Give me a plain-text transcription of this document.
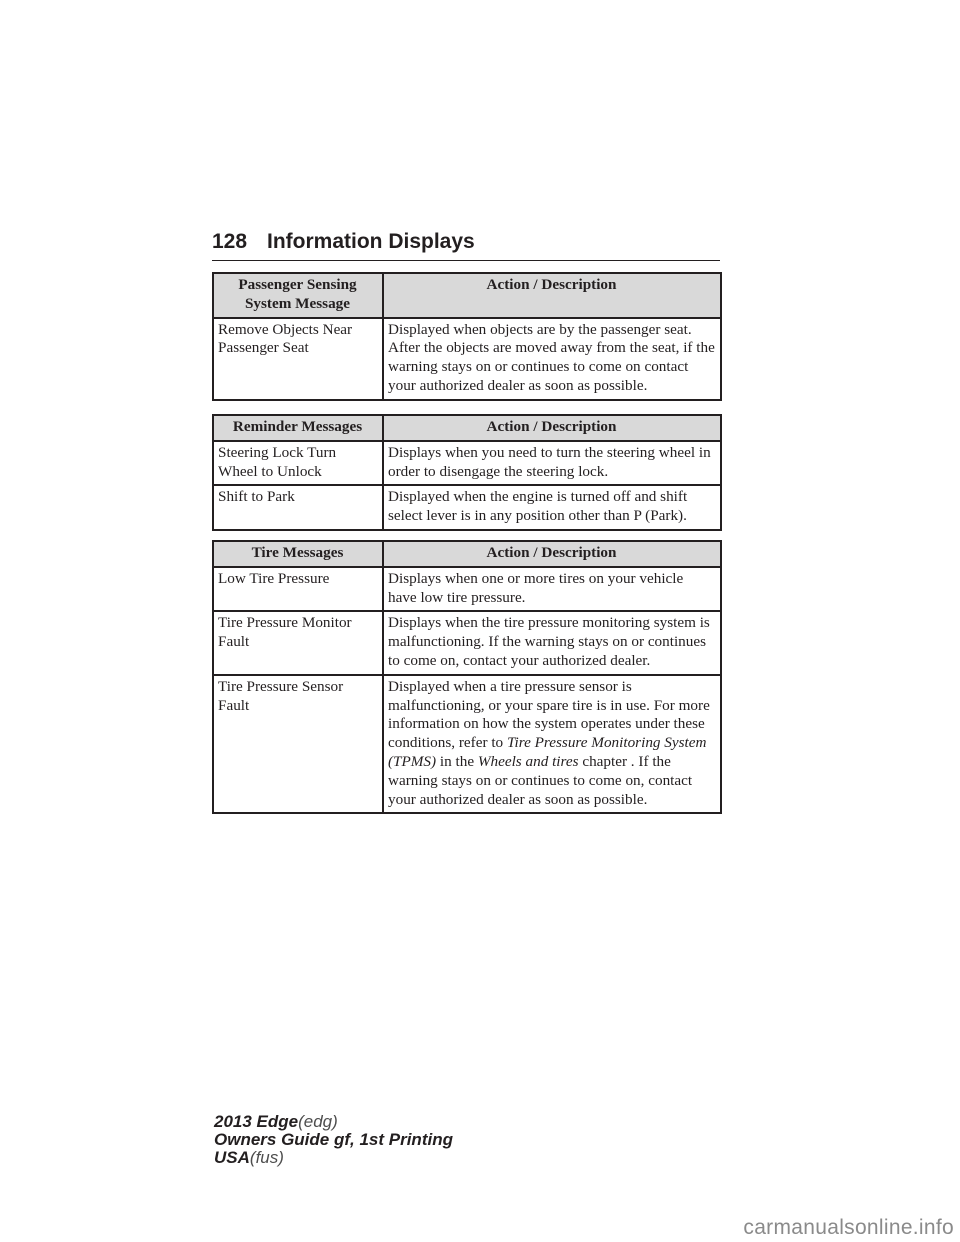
128 Information Displays
Passenger Sensing System Message	Action / Description
Remove Objects Near Passenger Seat	Displayed when objects are by the passenger seat. After the objects are moved away from the seat, if the warning stays on or continues to come on contact your authorized dealer as soon as possible.
Reminder Messages	Action / Description
Steering Lock Turn Wheel to Unlock	Displays when you need to turn the steering wheel in order to disengage the steering lock.
Shift to Park	Displayed when the engine is turned off and shift select lever is in any position other than P (Park).
Tire Messages	Action / Description
Low Tire Pressure	Displays when one or more tires on your vehicle have low tire pressure.
Tire Pressure Monitor Fault	Displays when the tire pressure monitoring system is malfunctioning. If the warning stays on or continues to come on, contact your authorized dealer.
Tire Pressure Sensor Fault	Displayed when a tire pressure sensor is malfunctioning, or your spare tire is in use. For more information on how the system operates under these conditions, refer to Tire Pressure Monitoring System (TPMS) in the Wheels and tires chapter . If the warning stays on or continues to come on, contact your authorized dealer as soon as possible.
2013 Edge(edg)
Owners Guide gf, 1st Printing
USA(fus)
carmanualsonline.info
